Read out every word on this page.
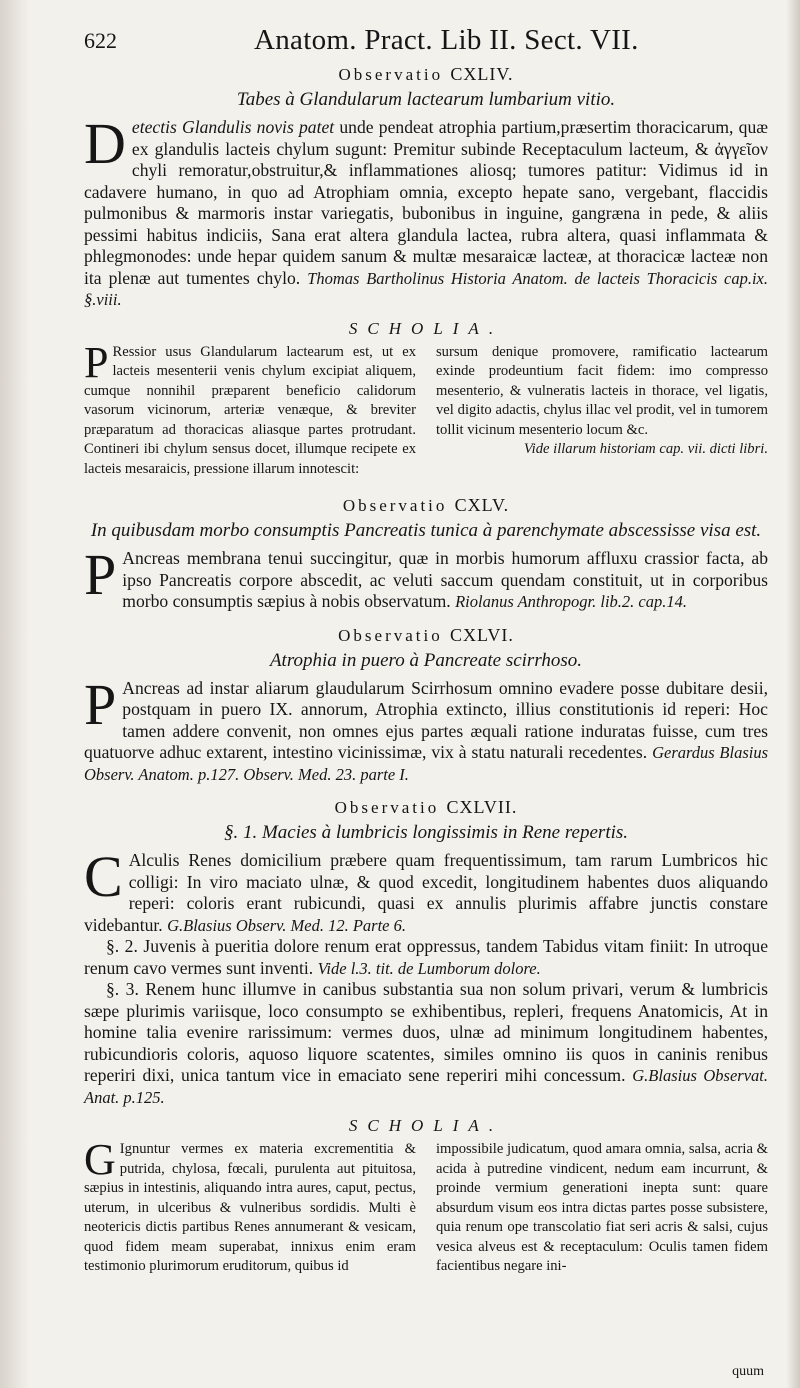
622	Anatom. Pract. Lib II. Sect. VII.
Observatio CXLIV.
Tabes à Glandularum lactearum lumbarium vitio.

Detectis Glandulis novis patet unde pendeat atrophia partium,præsertim thoracicarum, quæ ex glandulis lacteis chylum sugunt: Premitur subinde Receptaculum lacteum, & ἀγγεῖον chyli remoratur,obstruitur,& inflammationes aliosq; tumores patitur: Vidimus id in cadavere humano, in quo ad Atrophiam omnia, excepto hepate sano, vergebant, flaccidis pulmonibus & marmoris instar variegatis, bubonibus in inguine, gangræna in pede, & aliis pessimi habitus indiciis, Sana erat altera glandula lactea, rubra altera, quasi inflammata & phlegmonodes: unde hepar quidem sanum & multæ mesaraicæ lacteæ, at thoracicæ lacteæ non ita plenæ aut tumentes chylo. Thomas Bartholinus Historia Anatom. de lacteis Thoracicis cap.ix. §.viii.

SCHOLIA.
P Ressior usus Glandularum lactearum est, ut ex lacteis mesenterii venis chylum excipiat aliquem, cumque nonnihil præparent beneficio calidorum vasorum vicinorum, arteriæ venæque, & breviter præparatum ad thoracicas aliasque partes protrudant. Contineri ibi chylum sensus docet, illumque recipete ex lacteis mesaraicis, pressione illarum innotescit:
sursum denique promovere, ramificatio lactearum exinde prodeuntium facit fidem: imo compresso mesenterio, & vulneratis lacteis in thorace, vel ligatis, vel digito adactis, chylus illac vel prodit, vel in tumorem tollit vicinum mesenterio locum &c.

Vide illarum historiam cap. vii. dicti libri.

Observatio CXLV.
In quibusdam morbo consumptis Pancreatis tunica à parenchymate abscessisse visa est.

P Ancreas membrana tenui succingitur, quæ in morbis humorum affluxu crassior facta, ab ipso Pancreatis corpore abscedit, ac veluti saccum quendam constituit, ut in corporibus morbo consumptis sæpius à nobis observatum. Riolanus Anthropogr. lib.2. cap.14.

Observatio CXLVI.
Atrophia in puero à Pancreate scirrhoso.

P Ancreas ad instar aliarum glaudularum Scirrhosum omnino evadere posse dubitare desii, postquam in puero IX. annorum, Atrophia extincto, illius constitutionis id reperi: Hoc tamen addere convenit, non omnes ejus partes æquali ratione induratas fuisse, cum tres quatuorve adhuc extarent, intestino vicinissimæ, vix à statu naturali recedentes. Gerardus Blasius Observ. Anatom. p.127. Observ. Med. 23. parte I.

Observatio CXLVII.
§. 1. Macies à lumbricis longissimis in Rene repertis.

C Alculis Renes domicilium præbere quam frequentissimum, tam rarum Lumbricos hic colligi: In viro maciato ulnæ, & quod excedit, longitudinem habentes duos aliquando reperi: coloris erant rubicundi, quasi ex annulis plurimis affabre junctis constare videbantur. G.Blasius Observ. Med. 12. Parte 6.

§. 2. Juvenis à pueritia dolore renum erat oppressus, tandem Tabidus vitam finiit: In utroque renum cavo vermes sunt inventi. Vide l.3. tit. de Lumborum dolore.

§. 3. Renem hunc illumve in canibus substantia sua non solum privari, verum & lumbricis sæpe plurimis variisque, loco consumpto se exhibentibus, repleri, frequens Anatomicis, At in homine talia evenire rarissimum: vermes duos, ulnæ ad minimum longitudinem habentes, rubicundioris coloris, aquoso liquore scatentes, similes omnino iis quos in caninis renibus reperiri dixi, unica tantum vice in emaciato sene reperiri mihi concessum. G.Blasius Observat. Anat. p.125.

SCHOLIA.
G Ignuntur vermes ex materia excrementitia & putrida, chylosa, fœcali, purulenta aut pituitosa, sæpius in intestinis, aliquando intra aures, caput, pectus, uterum, in ulceribus & vulneribus sordidis. Multi è neotericis dictis partibus Renes annumerant & vesicam, quod fidem meam superabat, innixus enim eram testimonio plurimorum eruditorum, quibus id
impossibile judicatum, quod amara omnia, salsa, acria & acida à putredine vindicent, nedum eam incurrunt, & proinde vermium generationi inepta sunt: quare absurdum visum eos intra dictas partes posse subsistere, quia renum ope transcolatio fiat seri acris & salsi, cujus vesica alveus est & receptaculum: Oculis tamen fidem facientibus negare ini-
quum
